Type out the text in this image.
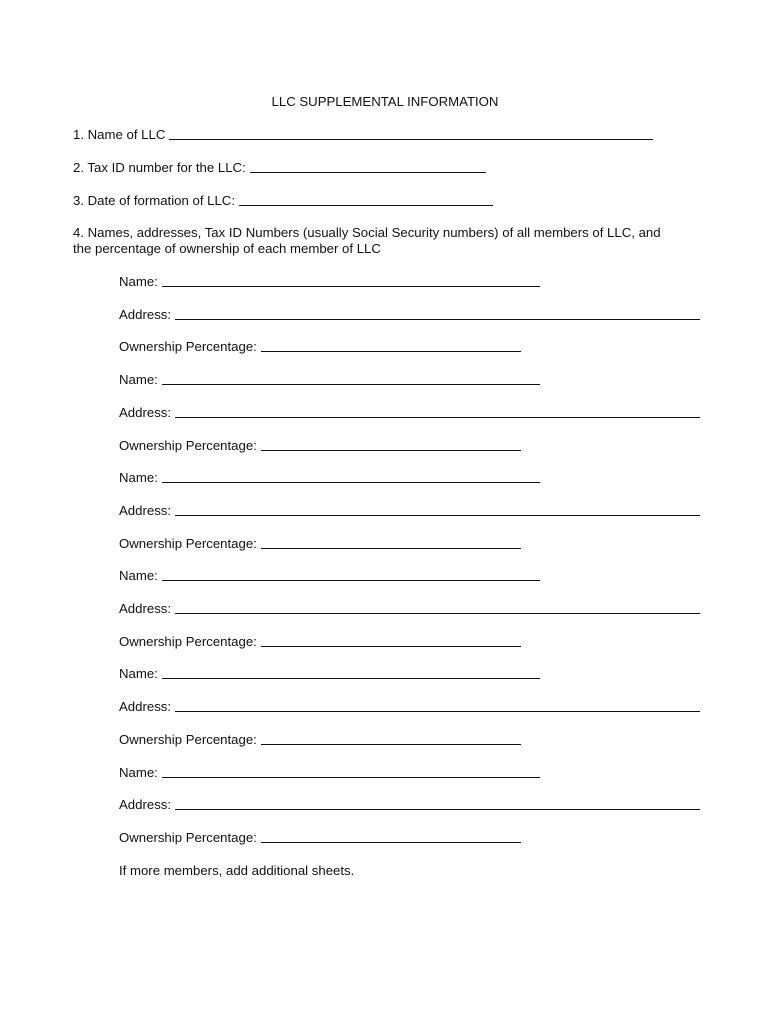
LLC SUPPLEMENTAL INFORMATION
1. Name of LLC
2. Tax ID number for the LLC:
3. Date of formation of LLC:
4. Names, addresses, Tax ID Numbers (usually Social Security numbers) of all members of LLC, and
the percentage of ownership of each member of LLC
Name:
Address:
Ownership Percentage:
Name:
Address:
Ownership Percentage:
Name:
Address:
Ownership Percentage:
Name:
Address:
Ownership Percentage:
Name:
Address:
Ownership Percentage:
Name:
Address:
Ownership Percentage:
If more members, add additional sheets.
